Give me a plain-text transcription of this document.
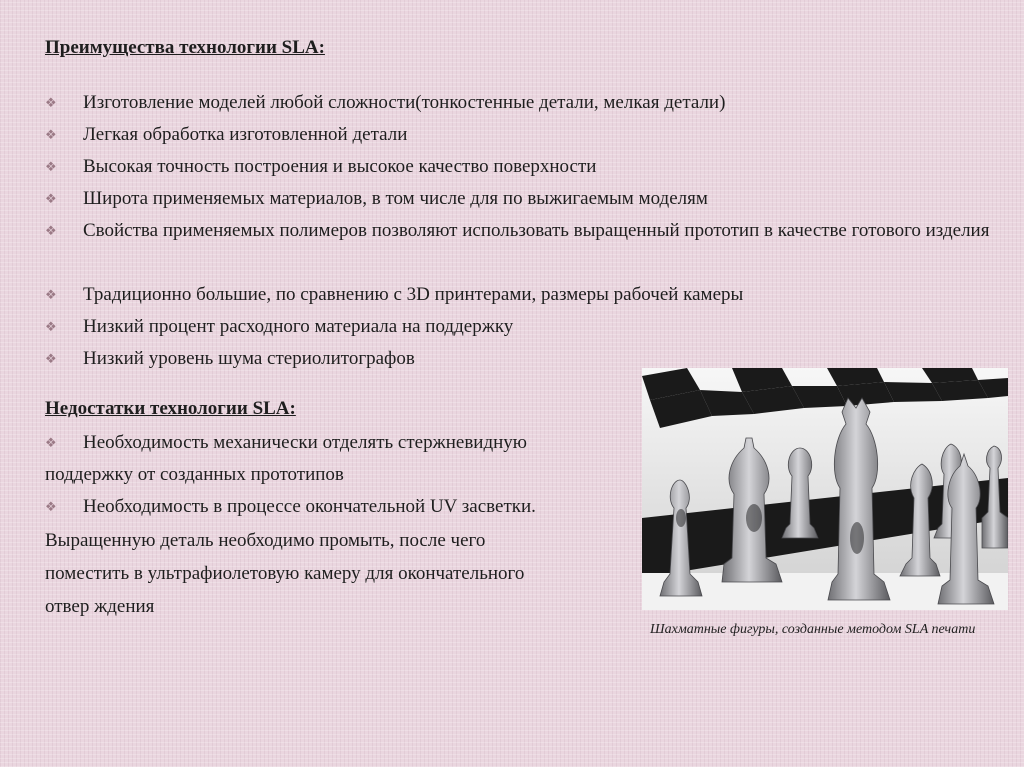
Преимущества технологии SLA:
❖	Изготовление моделей любой сложности(тонкостенные детали, мелкая детали)
❖	Легкая обработка изготовленной детали
❖	Высокая точность построения и высокое качество поверхности
❖	Широта применяемых материалов, в том числе для по выжигаемым моделям
❖	Свойства применяемых полимеров позволяют использовать выращенный прототип в качестве готового изделия
❖	Традиционно большие, по сравнению с 3D принтерами, размеры рабочей камеры
❖	Низкий процент расходного материала на поддержку
❖	Низкий уровень шума стериолитографов
Недостатки технологии SLA:
❖	Необходимость механически отделять стержневидную

поддержку от созданных прототипов

❖	Необходимость в процессе окончательной UV засветки.

Выращенную деталь необходимо промыть, после чего

поместить в ультрафиолетовую камеру для окончательного

отвер ждения

Шахматные фигуры, созданные методом SLA печати
